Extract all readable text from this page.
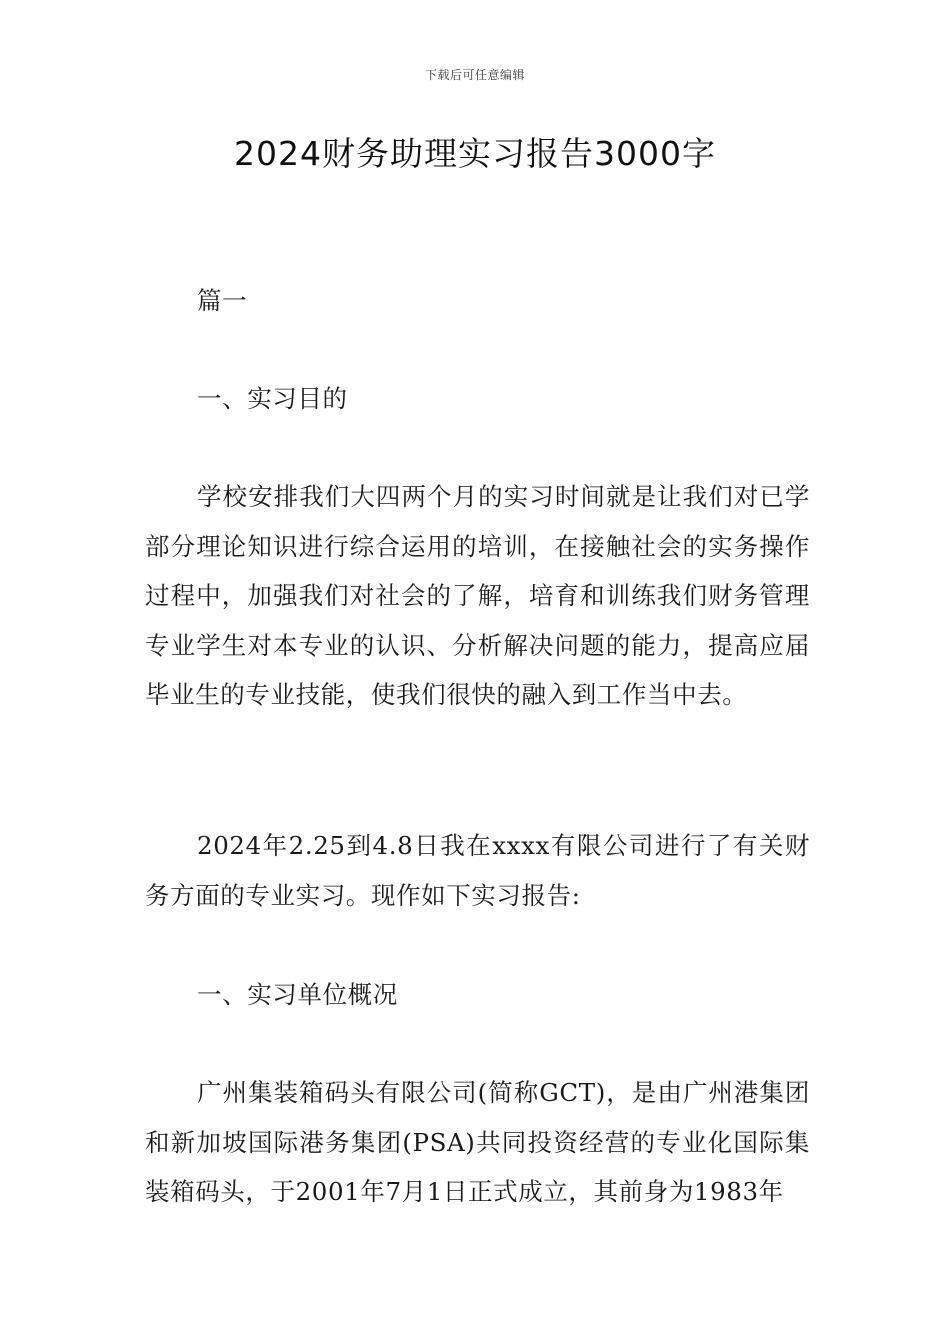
下载后可任意编辑
2024财务助理实习报告3000字

篇一

一、实习目的

学校安排我们大四两个月的实习时间就是让我们对已学部分理论知识进行综合运用的培训，在接触社会的实务操作过程中，加强我们对社会的了解，培育和训练我们财务管理专业学生对本专业的认识、分析解决问题的能力，提高应届毕业生的专业技能，使我们很快的融入到工作当中去。

2024年2.25到4.8日我在xxxx有限公司进行了有关财务方面的专业实习。现作如下实习报告:

一、实习单位概况

广州集装箱码头有限公司(简称GCT)，是由广州港集团和新加坡国际港务集团(PSA)共同投资经营的专业化国际集装箱码头，于2001年7月1日正式成立，其前身为1983年
